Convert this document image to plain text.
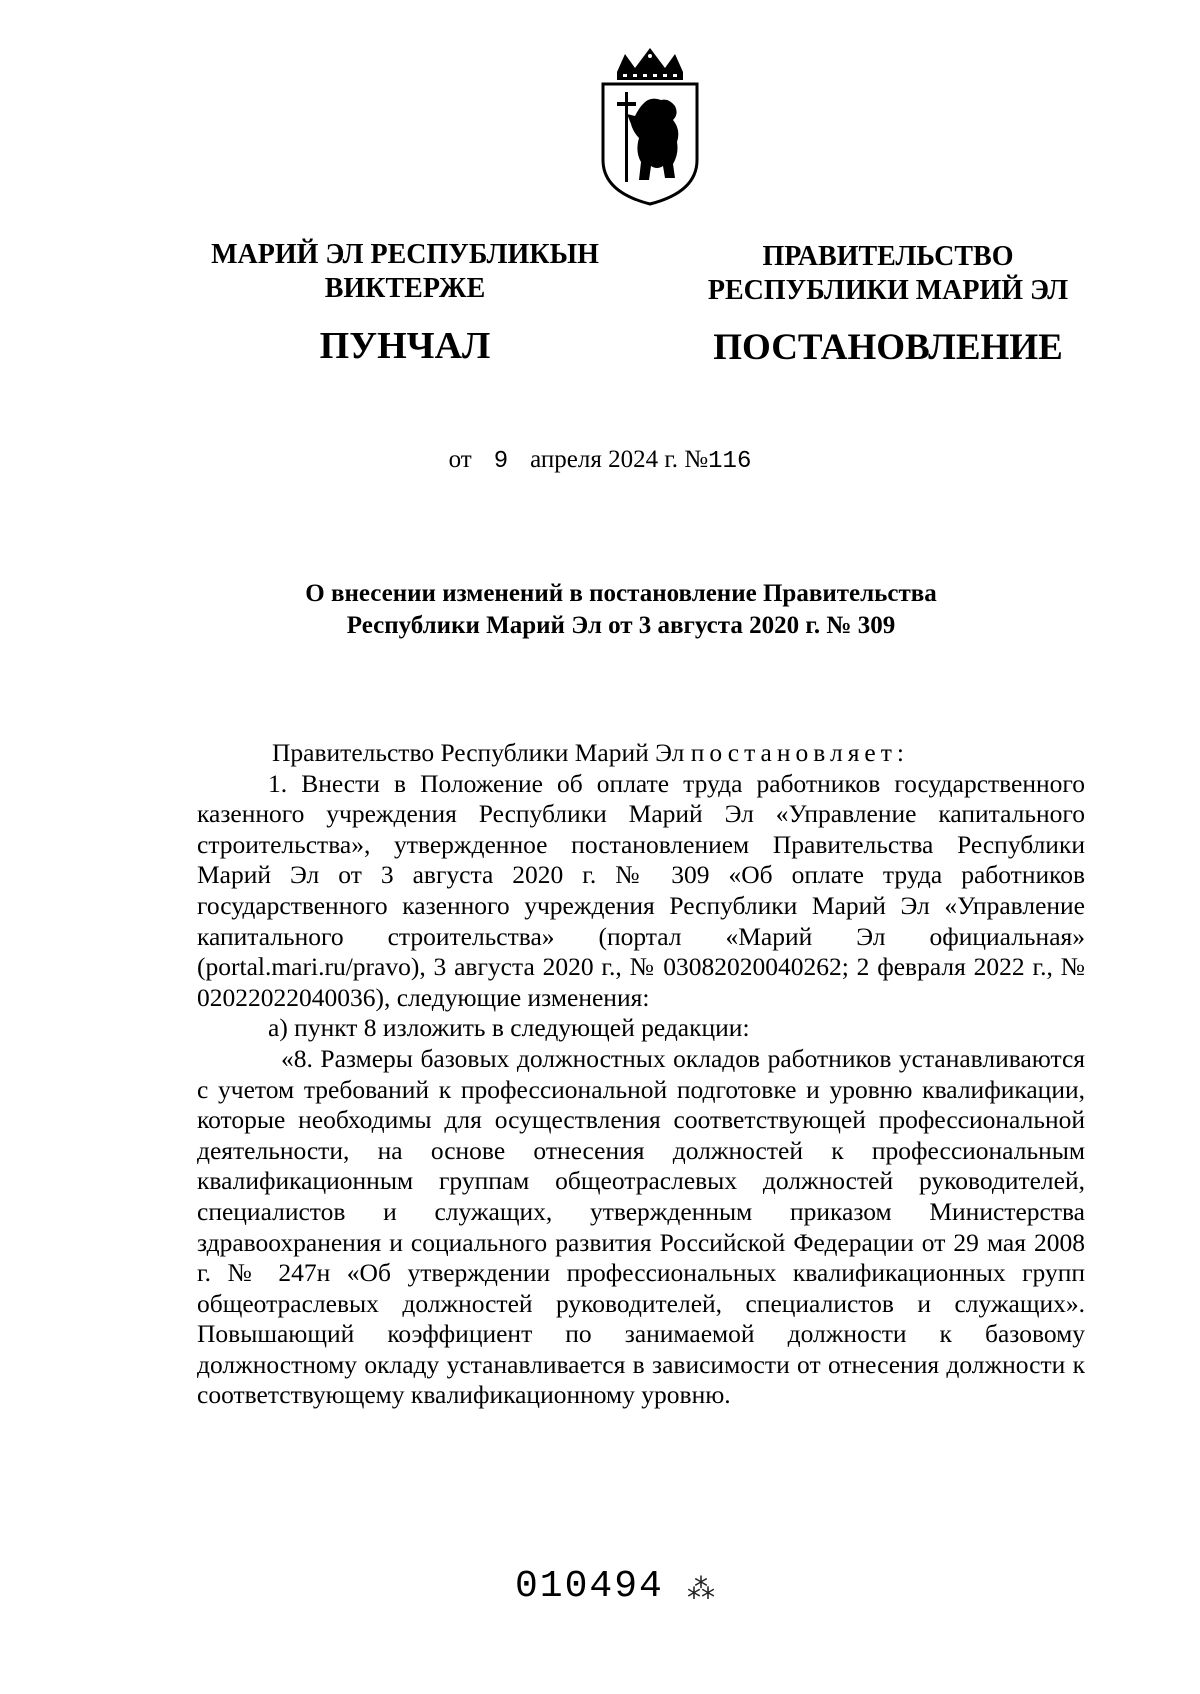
МАРИЙ ЭЛ РЕСПУБЛИКЫН
ВИКТЕРЖЕ
ПУНЧАЛ
ПРАВИТЕЛЬСТВО
РЕСПУБЛИКИ МАРИЙ ЭЛ
ПОСТАНОВЛЕНИЕ
от 9 апреля 2024 г. №116
О внесении изменений в постановление Правительства
Республики Марий Эл от 3 августа 2020 г. № 309

Правительство Республики Марий Эл постановляет:

1. Внести в Положение об оплате труда работников государственного казенного учреждения Республики Марий Эл «Управление капитального строительства», утвержденное постановлением Правительства Республики Марий Эл от 3 августа 2020 г. № 309 «Об оплате труда работников государственного казенного учреждения Республики Марий Эл «Управление капитального строительства» (портал «Марий Эл официальная» (portal.mari.ru/pravo), 3 августа 2020 г., № 03082020040262; 2 февраля 2022 г., № 02022022040036), следующие изменения:

а) пункт 8 изложить в следующей редакции:

«8. Размеры базовых должностных окладов работников устанавливаются с учетом требований к профессиональной подготовке и уровню квалификации, которые необходимы для осуществления соответствующей профессиональной деятельности, на основе отнесения должностей к профессиональным квалификационным группам общеотраслевых должностей руководителей, специалистов и служащих, утвержденным приказом Министерства здравоохранения и социального развития Российской Федерации от 29 мая 2008 г. № 247н «Об утверждении профессиональных квалификационных групп общеотраслевых должностей руководителей, специалистов и служащих». Повышающий коэффициент по занимаемой должности к базовому должностному окладу устанавливается в зависимости от отнесения должности к соответствующему квалификационному уровню.

010494 ⁂
